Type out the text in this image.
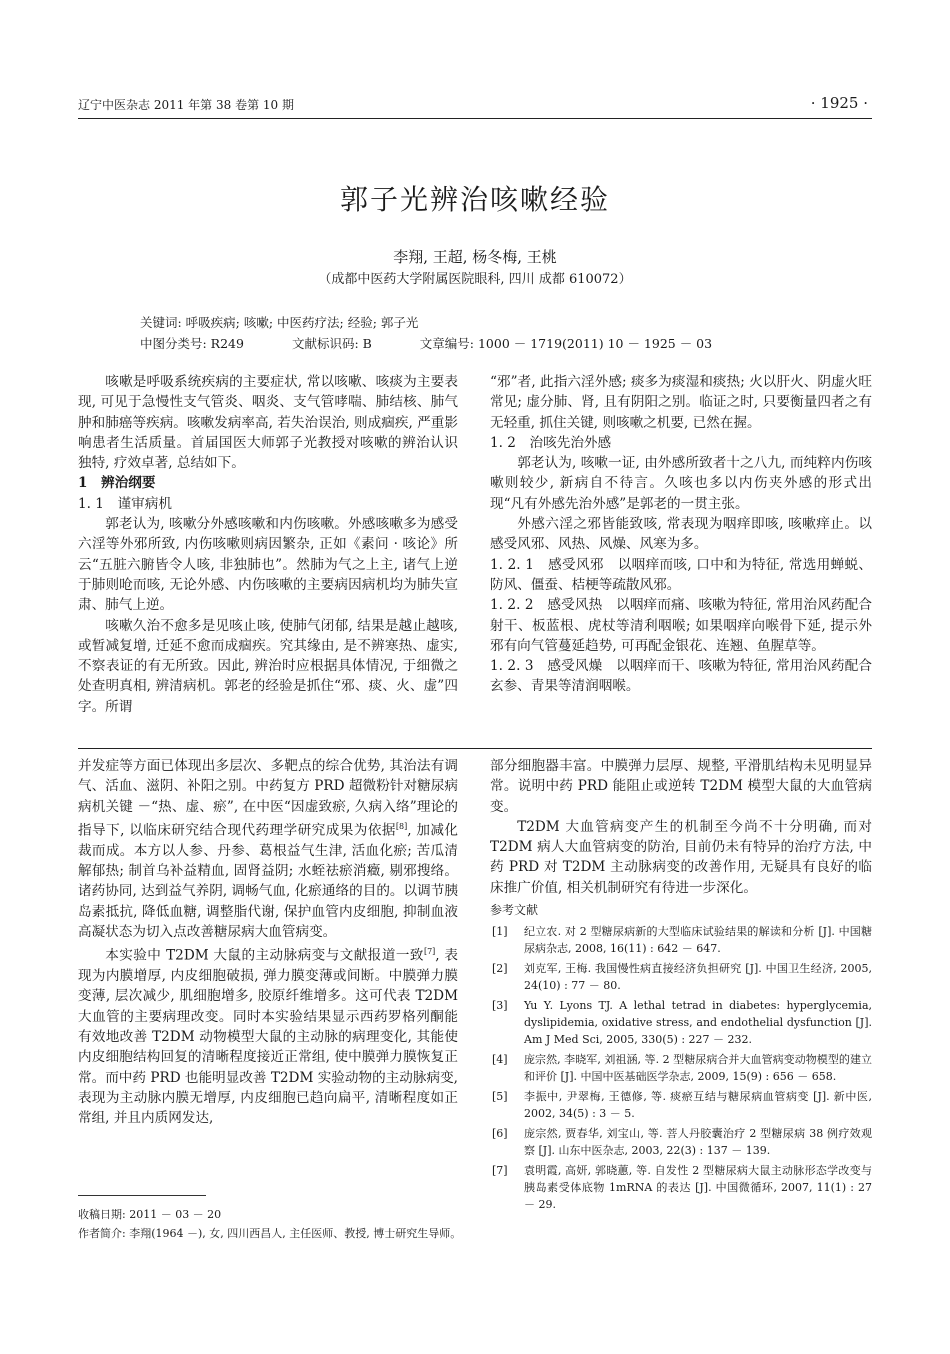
辽宁中医杂志 2011 年第 38 卷第 10 期	· 1925 ·
郭子光辨治咳嗽经验
李翔, 王超, 杨冬梅, 王桃
（成都中医药大学附属医院眼科, 四川 成都 610072）
关键词: 呼吸疾病; 咳嗽; 中医药疗法; 经验; 郭子光
中图分类号: R249	文献标识码: B	文章编号: 1000 － 1719(2011) 10 － 1925 － 03

咳嗽是呼吸系统疾病的主要症状, 常以咳嗽、咳痰为主要表现, 可见于急慢性支气管炎、咽炎、支气管哮喘、肺结核、肺气肿和肺癌等疾病。咳嗽发病率高, 若失治误治, 则成痼疾, 严重影响患者生活质量。首届国医大师郭子光教授对咳嗽的辨治认识独特, 疗效卓著, 总结如下。

1　辨治纲要

1. 1　谨审病机

郭老认为, 咳嗽分外感咳嗽和内伤咳嗽。外感咳嗽多为感受六淫等外邪所致, 内伤咳嗽则病因繁杂, 正如《素问 · 咳论》所云“五脏六腑皆令人咳, 非独肺也”。然肺为气之上主, 诸气上逆于肺则呛而咳, 无论外感、内伤咳嗽的主要病因病机均为肺失宣肃、肺气上逆。

咳嗽久治不愈多是见咳止咳, 使肺气闭郁, 结果是越止越咳, 或暂减复增, 迁延不愈而成痼疾。究其缘由, 是不辨寒热、虚实, 不察表证的有无所致。因此, 辨治时应根据具体情况, 于细微之处查明真相, 辨清病机。郭老的经验是抓住“邪、痰、火、虚”四字。所谓

“邪”者, 此指六淫外感; 痰多为痰湿和痰热; 火以肝火、阴虚火旺常见; 虚分肺、肾, 且有阴阳之别。临证之时, 只要衡量四者之有无轻重, 抓住关键, 则咳嗽之机要, 已然在握。

1. 2　治咳先治外感

郭老认为, 咳嗽一证, 由外感所致者十之八九, 而纯粹内伤咳嗽则较少, 新病自不待言。久咳也多以内伤夹外感的形式出现“凡有外感先治外感”是郭老的一贯主张。

外感六淫之邪皆能致咳, 常表现为咽痒即咳, 咳嗽痒止。以感受风邪、风热、风燥、风寒为多。

1. 2. 1　感受风邪　以咽痒而咳, 口中和为特征, 常选用蝉蜕、防风、僵蚕、桔梗等疏散风邪。

1. 2. 2　感受风热　以咽痒而痛、咳嗽为特征, 常用治风药配合射干、板蓝根、虎杖等清利咽喉; 如果咽痒向喉骨下延, 提示外邪有向气管蔓延趋势, 可再配金银花、连翘、鱼腥草等。

1. 2. 3　感受风燥　以咽痒而干、咳嗽为特征, 常用治风药配合玄参、青果等清润咽喉。

并发症等方面已体现出多层次、多靶点的综合优势, 其治法有调气、活血、滋阴、补阳之别。中药复方 PRD 超微粉针对糖尿病病机关键 －“热、虚、瘀”, 在中医“因虚致瘀, 久病入络”理论的指导下, 以临床研究结合现代药理学研究成果为依据[8], 加减化裁而成。本方以人参、丹参、葛根益气生津, 活血化瘀; 苦瓜清解郁热; 制首乌补益精血, 固肾益阴; 水蛭祛瘀消癥, 剔邪搜络。诸药协同, 达到益气养阴, 调畅气血, 化瘀通络的目的。以调节胰岛素抵抗, 降低血糖, 调整脂代谢, 保护血管内皮细胞, 抑制血液高凝状态为切入点改善糖尿病大血管病变。

本实验中 T2DM 大鼠的主动脉病变与文献报道一致[7], 表现为内膜增厚, 内皮细胞破损, 弹力膜变薄或间断。中膜弹力膜变薄, 层次减少, 肌细胞增多, 胶原纤维增多。这可代表 T2DM 大血管的主要病理改变。同时本实验结果显示西药罗格列酮能有效地改善 T2DM 动物模型大鼠的主动脉的病理变化, 其能使内皮细胞结构回复的清晰程度接近正常组, 使中膜弹力膜恢复正常。而中药 PRD 也能明显改善 T2DM 实验动物的主动脉病变, 表现为主动脉内膜无增厚, 内皮细胞已趋向扁平, 清晰程度如正常组, 并且内质网发达,

部分细胞器丰富。中膜弹力层厚、规整, 平滑肌结构未见明显异常。说明中药 PRD 能阻止或逆转 T2DM 模型大鼠的大血管病变。

T2DM 大血管病变产生的机制至今尚不十分明确, 而对 T2DM 病人大血管病变的防治, 目前仍未有特异的治疗方法, 中药 PRD 对 T2DM 主动脉病变的改善作用, 无疑具有良好的临床推广价值, 相关机制研究有待进一步深化。

参考文献
[1] 纪立农. 对 2 型糖尿病新的大型临床试验结果的解读和分析 [J]. 中国糖尿病杂志, 2008, 16(11) : 642 － 647.
[2] 刘克军, 王梅. 我国慢性病直接经济负担研究 [J]. 中国卫生经济, 2005, 24(10) : 77 － 80.
[3] Yu Y. Lyons TJ. A lethal tetrad in diabetes: hyperglycemia, dyslipidemia, oxidative stress, and endothelial dysfunction [J]. Am J Med Sci, 2005, 330(5) : 227 － 232.
[4] 庞宗然, 李晓军, 刘祖涵, 等. 2 型糖尿病合并大血管病变动物模型的建立和评价 [J]. 中国中医基础医学杂志, 2009, 15(9) : 656 － 658.
[5] 李振中, 尹翠梅, 王德修, 等. 痰瘀互结与糖尿病血管病变 [J]. 新中医, 2002, 34(5) : 3 － 5.
[6] 庞宗然, 贾春华, 刘宝山, 等. 菩人丹胶囊治疗 2 型糖尿病 38 例疗效观察 [J]. 山东中医杂志, 2003, 22(3) : 137 － 139.
[7] 袁明霞, 高妍, 郭晓蕙, 等. 自发性 2 型糖尿病大鼠主动脉形态学改变与胰岛素受体底物 1mRNA 的表达 [J]. 中国微循环, 2007, 11(1) : 27 － 29.
收稿日期: 2011 － 03 － 20
作者简介: 李翔(1964 －), 女, 四川西昌人, 主任医师、教授, 博士研究生导师。
